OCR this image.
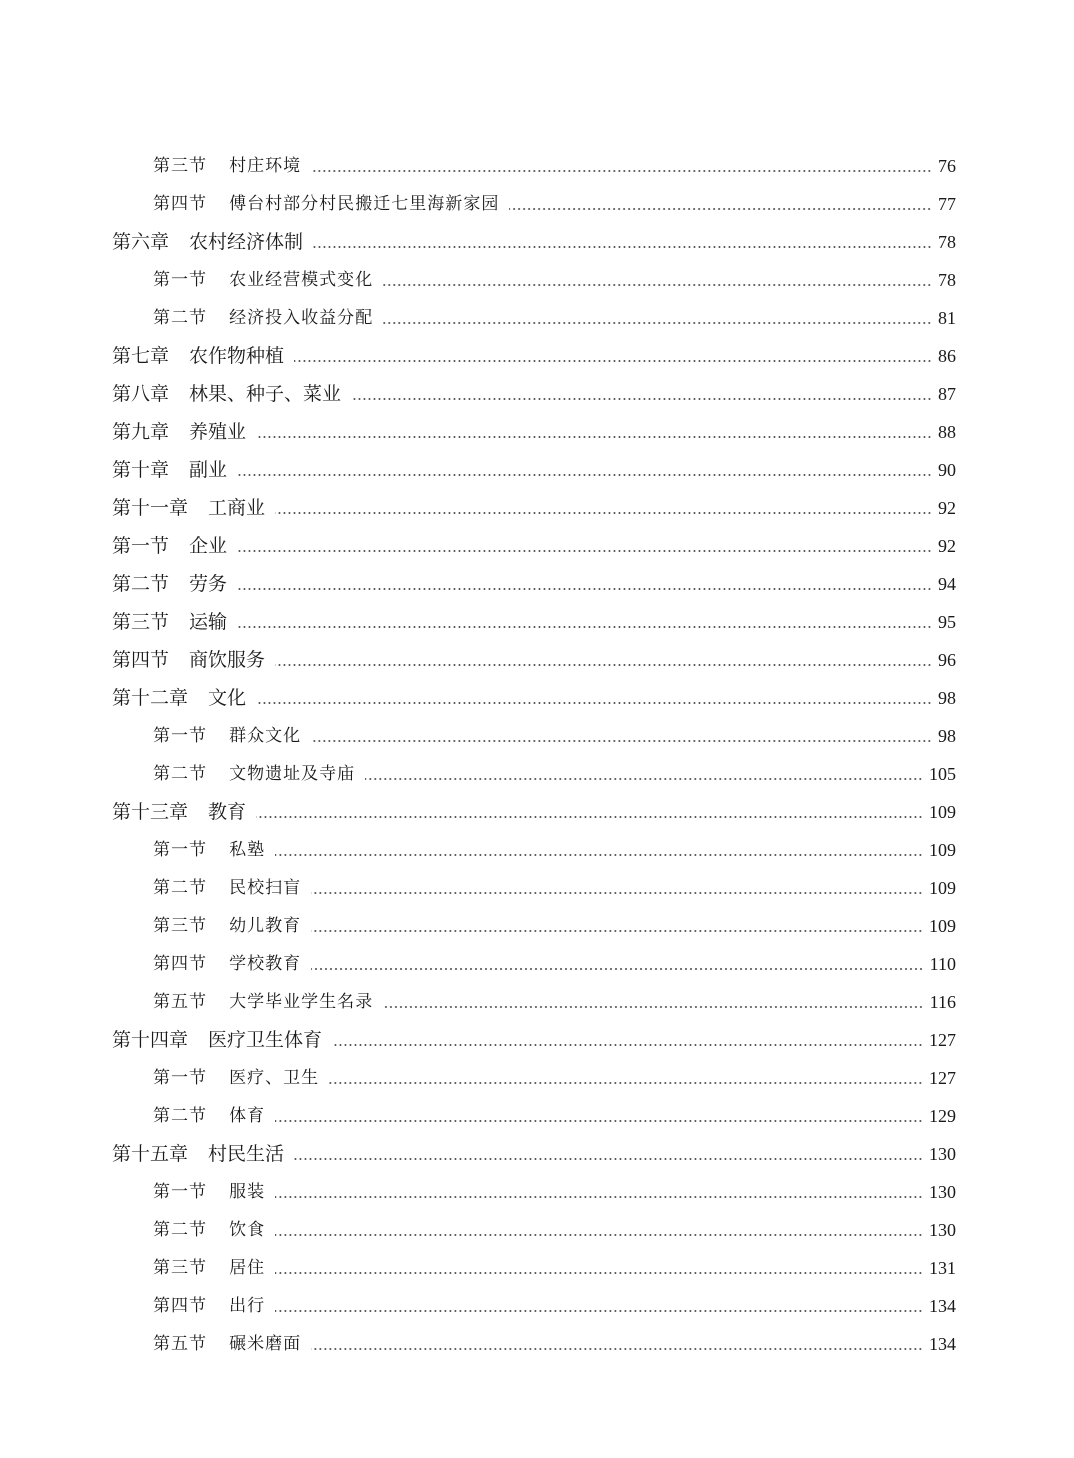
第三节 村庄环境	76
第四节 傅台村部分村民搬迁七里海新家园	77
第六章 农村经济体制	78
第一节 农业经营模式变化	78
第二节 经济投入收益分配	81
第七章 农作物种植	86
第八章 林果、种子、菜业	87
第九章 养殖业	88
第十章 副业	90
第十一章 工商业	92
第一节 企业	92
第二节 劳务	94
第三节 运输	95
第四节 商饮服务	96
第十二章 文化	98
第一节 群众文化	98
第二节 文物遗址及寺庙	105
第十三章 教育	109
第一节 私塾	109
第二节 民校扫盲	109
第三节 幼儿教育	109
第四节 学校教育	110
第五节 大学毕业学生名录	116
第十四章 医疗卫生体育	127
第一节 医疗、卫生	127
第二节 体育	129
第十五章 村民生活	130
第一节 服装	130
第二节 饮食	130
第三节 居住	131
第四节 出行	134
第五节 碾米磨面	134
